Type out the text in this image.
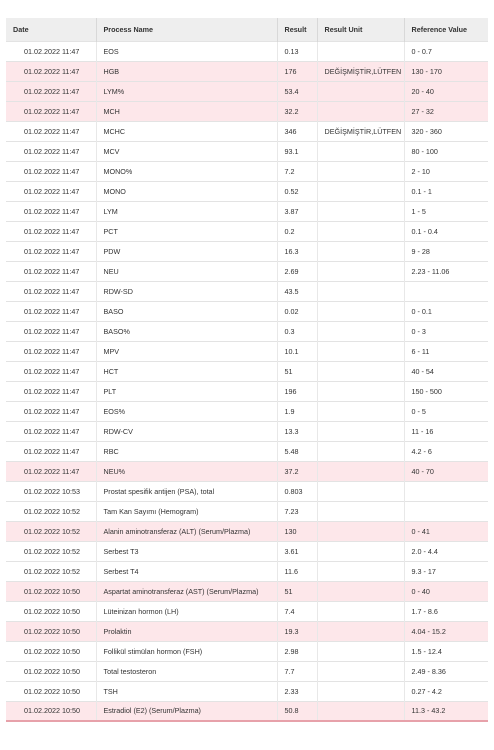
Date	Process Name	Result	Result Unit	Reference Value
01.02.2022 11:47	EOS	0.13		0 - 0.7
01.02.2022 11:47	HGB	176	DEĞİŞMİŞTİR,LÜTFEN	130 - 170
01.02.2022 11:47	LYM%	53.4		20 - 40
01.02.2022 11:47	MCH	32.2		27 - 32
01.02.2022 11:47	MCHC	346	DEĞİŞMİŞTİR,LÜTFEN	320 - 360
01.02.2022 11:47	MCV	93.1		80 - 100
01.02.2022 11:47	MONO%	7.2		2 - 10
01.02.2022 11:47	MONO	0.52		0.1 - 1
01.02.2022 11:47	LYM	3.87		1 - 5
01.02.2022 11:47	PCT	0.2		0.1 - 0.4
01.02.2022 11:47	PDW	16.3		9 - 28
01.02.2022 11:47	NEU	2.69		2.23 - 11.06
01.02.2022 11:47	RDW-SD	43.5		
01.02.2022 11:47	BASO	0.02		0 - 0.1
01.02.2022 11:47	BASO%	0.3		0 - 3
01.02.2022 11:47	MPV	10.1		6 - 11
01.02.2022 11:47	HCT	51		40 - 54
01.02.2022 11:47	PLT	196		150 - 500
01.02.2022 11:47	EOS%	1.9		0 - 5
01.02.2022 11:47	RDW-CV	13.3		11 - 16
01.02.2022 11:47	RBC	5.48		4.2 - 6
01.02.2022 11:47	NEU%	37.2		40 - 70
01.02.2022 10:53	Prostat spesifik antijen (PSA), total	0.803		
01.02.2022 10:52	Tam Kan Sayımı (Hemogram)	7.23		
01.02.2022 10:52	Alanin aminotransferaz (ALT) (Serum/Plazma)	130		0 - 41
01.02.2022 10:52	Serbest T3	3.61		2.0 - 4.4
01.02.2022 10:52	Serbest T4	11.6		9.3 - 17
01.02.2022 10:50	Aspartat aminotransferaz (AST) (Serum/Plazma)	51		0 - 40
01.02.2022 10:50	Lüteinizan hormon (LH)	7.4		1.7 - 8.6
01.02.2022 10:50	Prolaktin	19.3		4.04 - 15.2
01.02.2022 10:50	Follikül stimülan hormon (FSH)	2.98		1.5 - 12.4
01.02.2022 10:50	Total testosteron	7.7		2.49 - 8.36
01.02.2022 10:50	TSH	2.33		0.27 - 4.2
01.02.2022 10:50	Estradiol (E2) (Serum/Plazma)	50.8		11.3 - 43.2
